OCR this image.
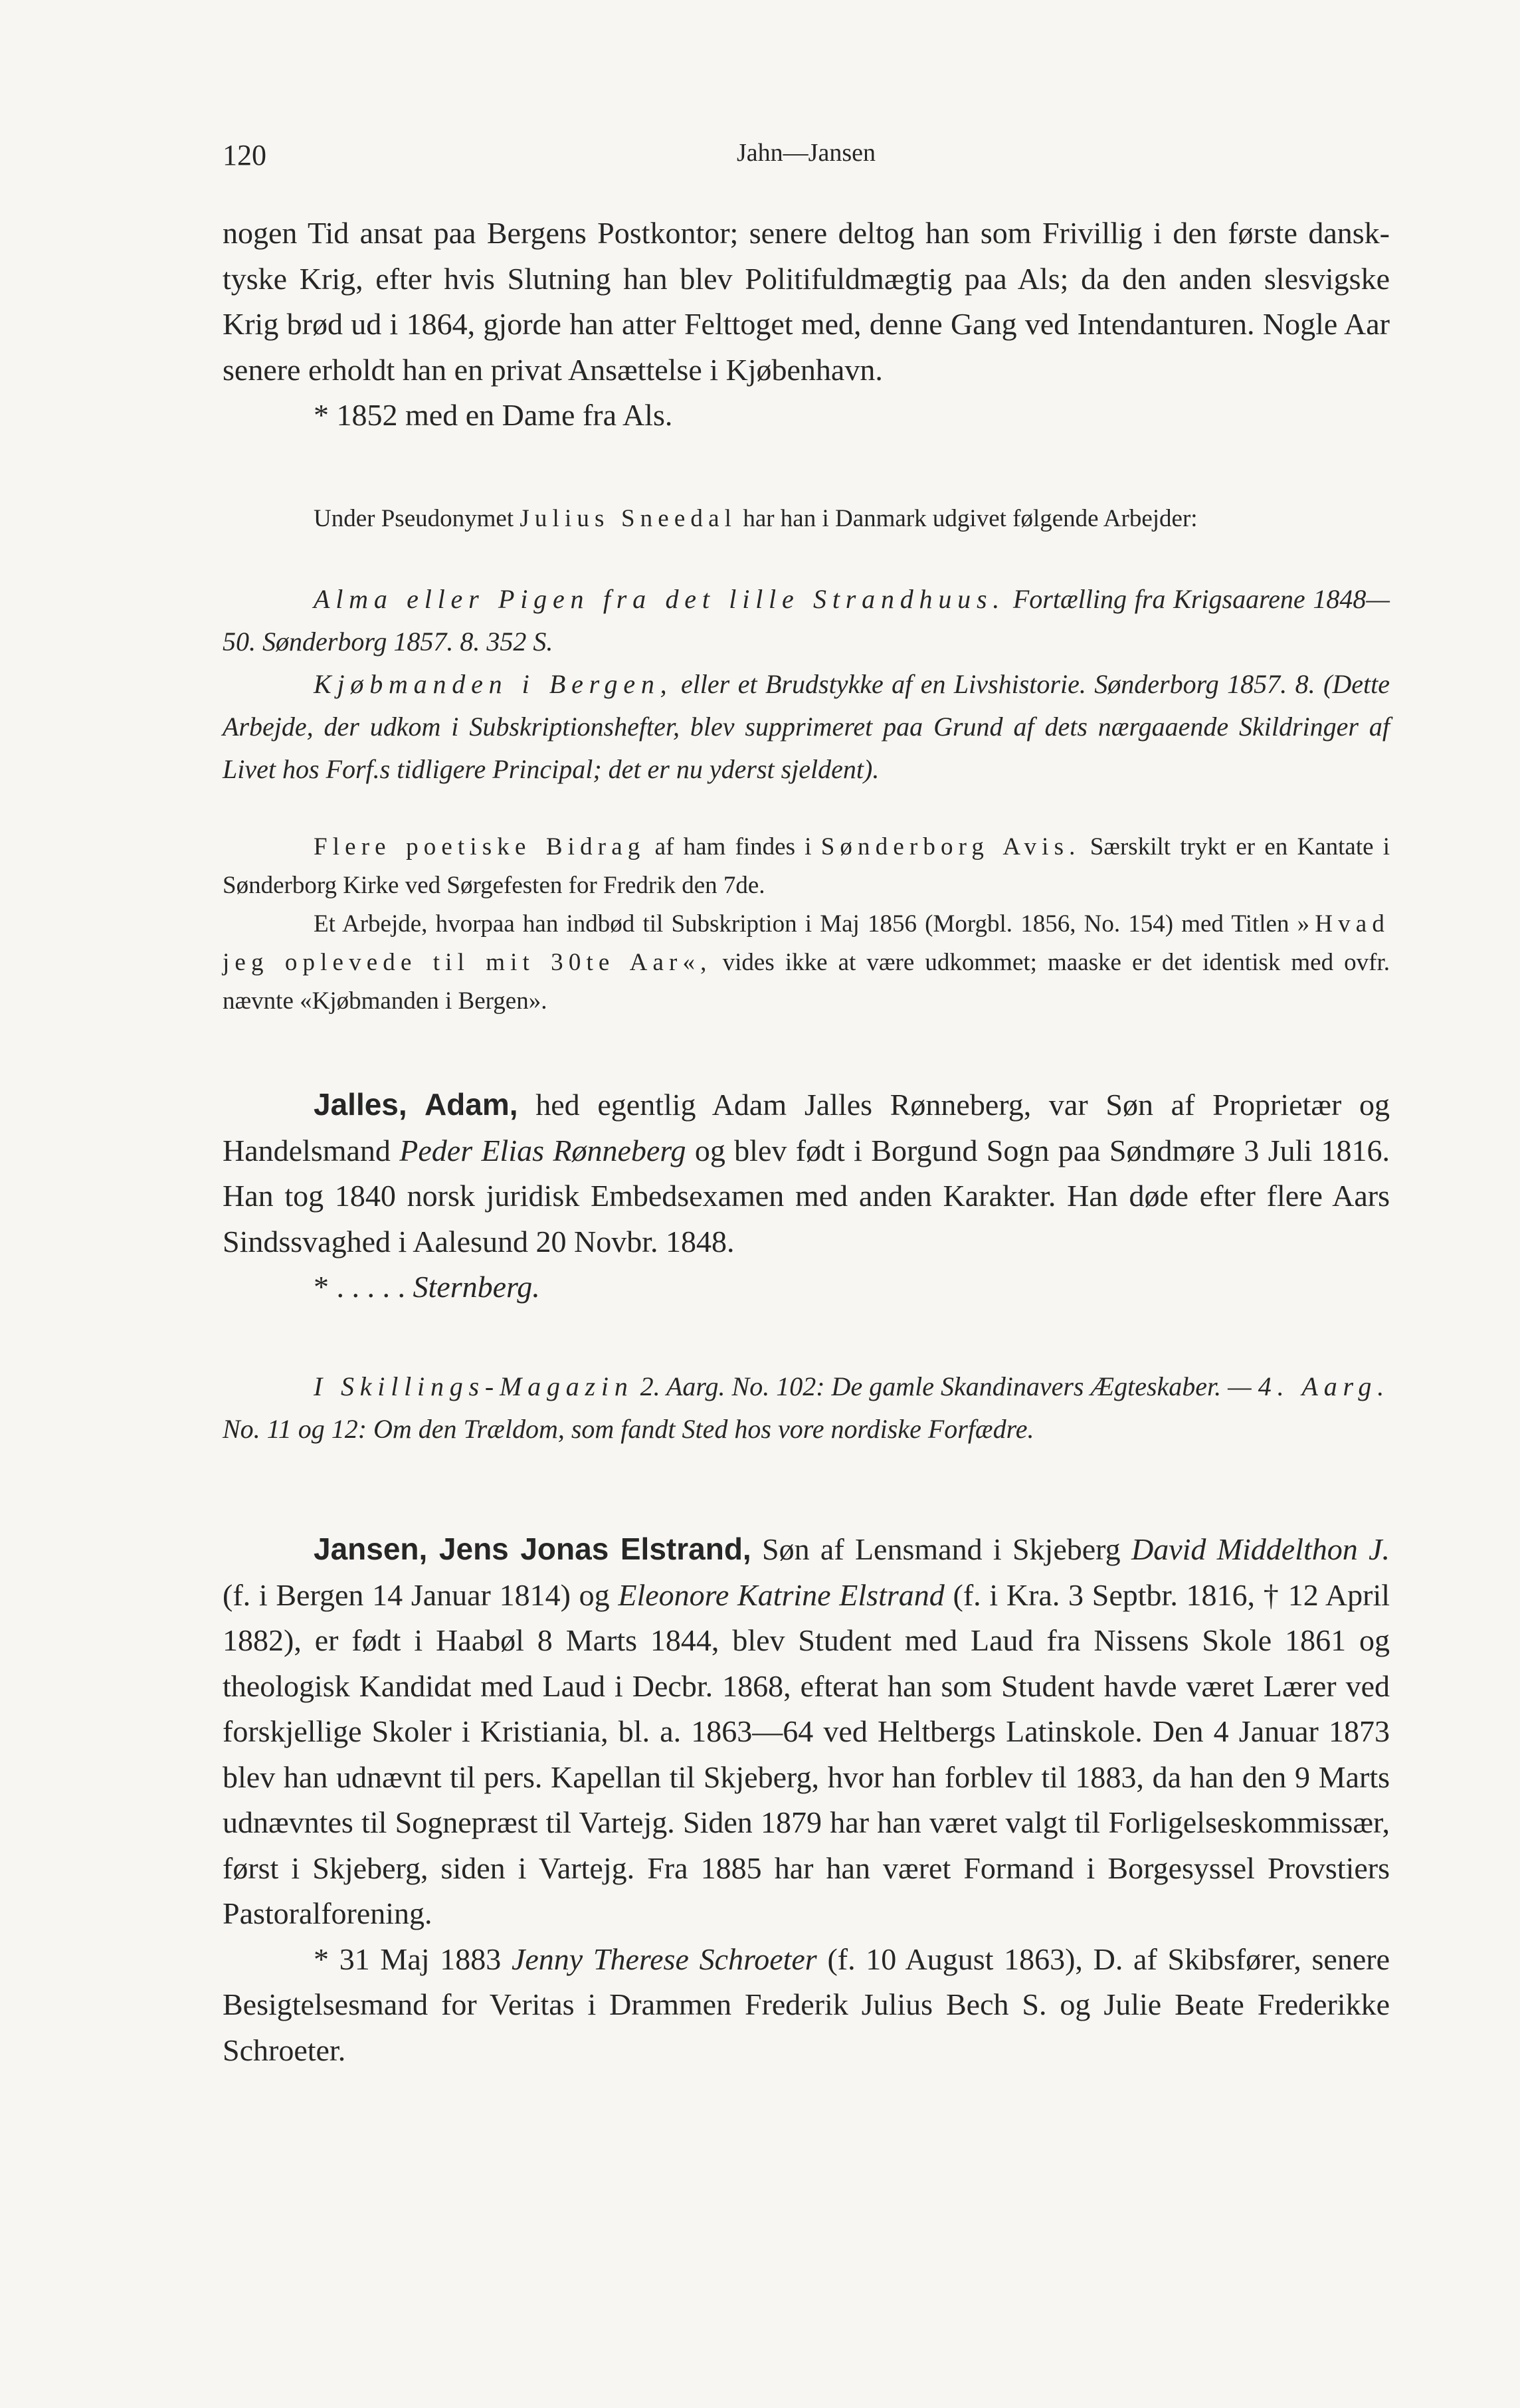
120	Jahn—Jansen

nogen Tid ansat paa Bergens Postkontor; senere deltog han som Frivillig i den første dansk-tyske Krig, efter hvis Slutning han blev Politifuldmægtig paa Als; da den anden slesvigske Krig brød ud i 1864, gjorde han atter Felttoget med, denne Gang ved Intendanturen. Nogle Aar senere erholdt han en privat Ansættelse i Kjøbenhavn.

* 1852 med en Dame fra Als.

Under Pseudonymet Julius Sneedal har han i Danmark udgivet følgende Arbejder:

Alma eller Pigen fra det lille Strandhuus. Fortælling fra Krigsaarene 1848—50. Sønderborg 1857. 8. 352 S.

Kjøbmanden i Bergen, eller et Brudstykke af en Livshistorie. Sønderborg 1857. 8. (Dette Arbejde, der udkom i Subskriptionshefter, blev supprimeret paa Grund af dets nærgaaende Skildringer af Livet hos Forf.s tidligere Principal; det er nu yderst sjeldent).

Flere poetiske Bidrag af ham findes i Sønderborg Avis. Særskilt trykt er en Kantate i Sønderborg Kirke ved Sørgefesten for Fredrik den 7de.

Et Arbejde, hvorpaa han indbød til Subskription i Maj 1856 (Morgbl. 1856, No. 154) med Titlen »Hvad jeg oplevede til mit 30te Aar«, vides ikke at være udkommet; maaske er det identisk med ovfr. nævnte «Kjøbmanden i Bergen».

Jalles, Adam, hed egentlig Adam Jalles Rønneberg, var Søn af Proprietær og Handelsmand Peder Elias Rønneberg og blev født i Borgund Sogn paa Søndmøre 3 Juli 1816. Han tog 1840 norsk juridisk Embedsexamen med anden Karakter. Han døde efter flere Aars Sindssvaghed i Aalesund 20 Novbr. 1848.

* . . . . . Sternberg.

I Skillings-Magazin 2. Aarg. No. 102: De gamle Skandinavers Ægteskaber. — 4. Aarg. No. 11 og 12: Om den Trældom, som fandt Sted hos vore nordiske Forfædre.

Jansen, Jens Jonas Elstrand, Søn af Lensmand i Skjeberg David Middelthon J. (f. i Bergen 14 Januar 1814) og Eleonore Katrine Elstrand (f. i Kra. 3 Septbr. 1816, † 12 April 1882), er født i Haabøl 8 Marts 1844, blev Student med Laud fra Nissens Skole 1861 og theologisk Kandidat med Laud i Decbr. 1868, efterat han som Student havde været Lærer ved forskjellige Skoler i Kristiania, bl. a. 1863—64 ved Heltbergs Latinskole. Den 4 Januar 1873 blev han udnævnt til pers. Kapellan til Skjeberg, hvor han forblev til 1883, da han den 9 Marts udnævntes til Sognepræst til Vartejg. Siden 1879 har han været valgt til Forligelseskommissær, først i Skjeberg, siden i Vartejg. Fra 1885 har han været Formand i Borgesyssel Provstiers Pastoralforening.

* 31 Maj 1883 Jenny Therese Schroeter (f. 10 August 1863), D. af Skibsfører, senere Besigtelsesmand for Veritas i Drammen Frederik Julius Bech S. og Julie Beate Frederikke Schroeter.
